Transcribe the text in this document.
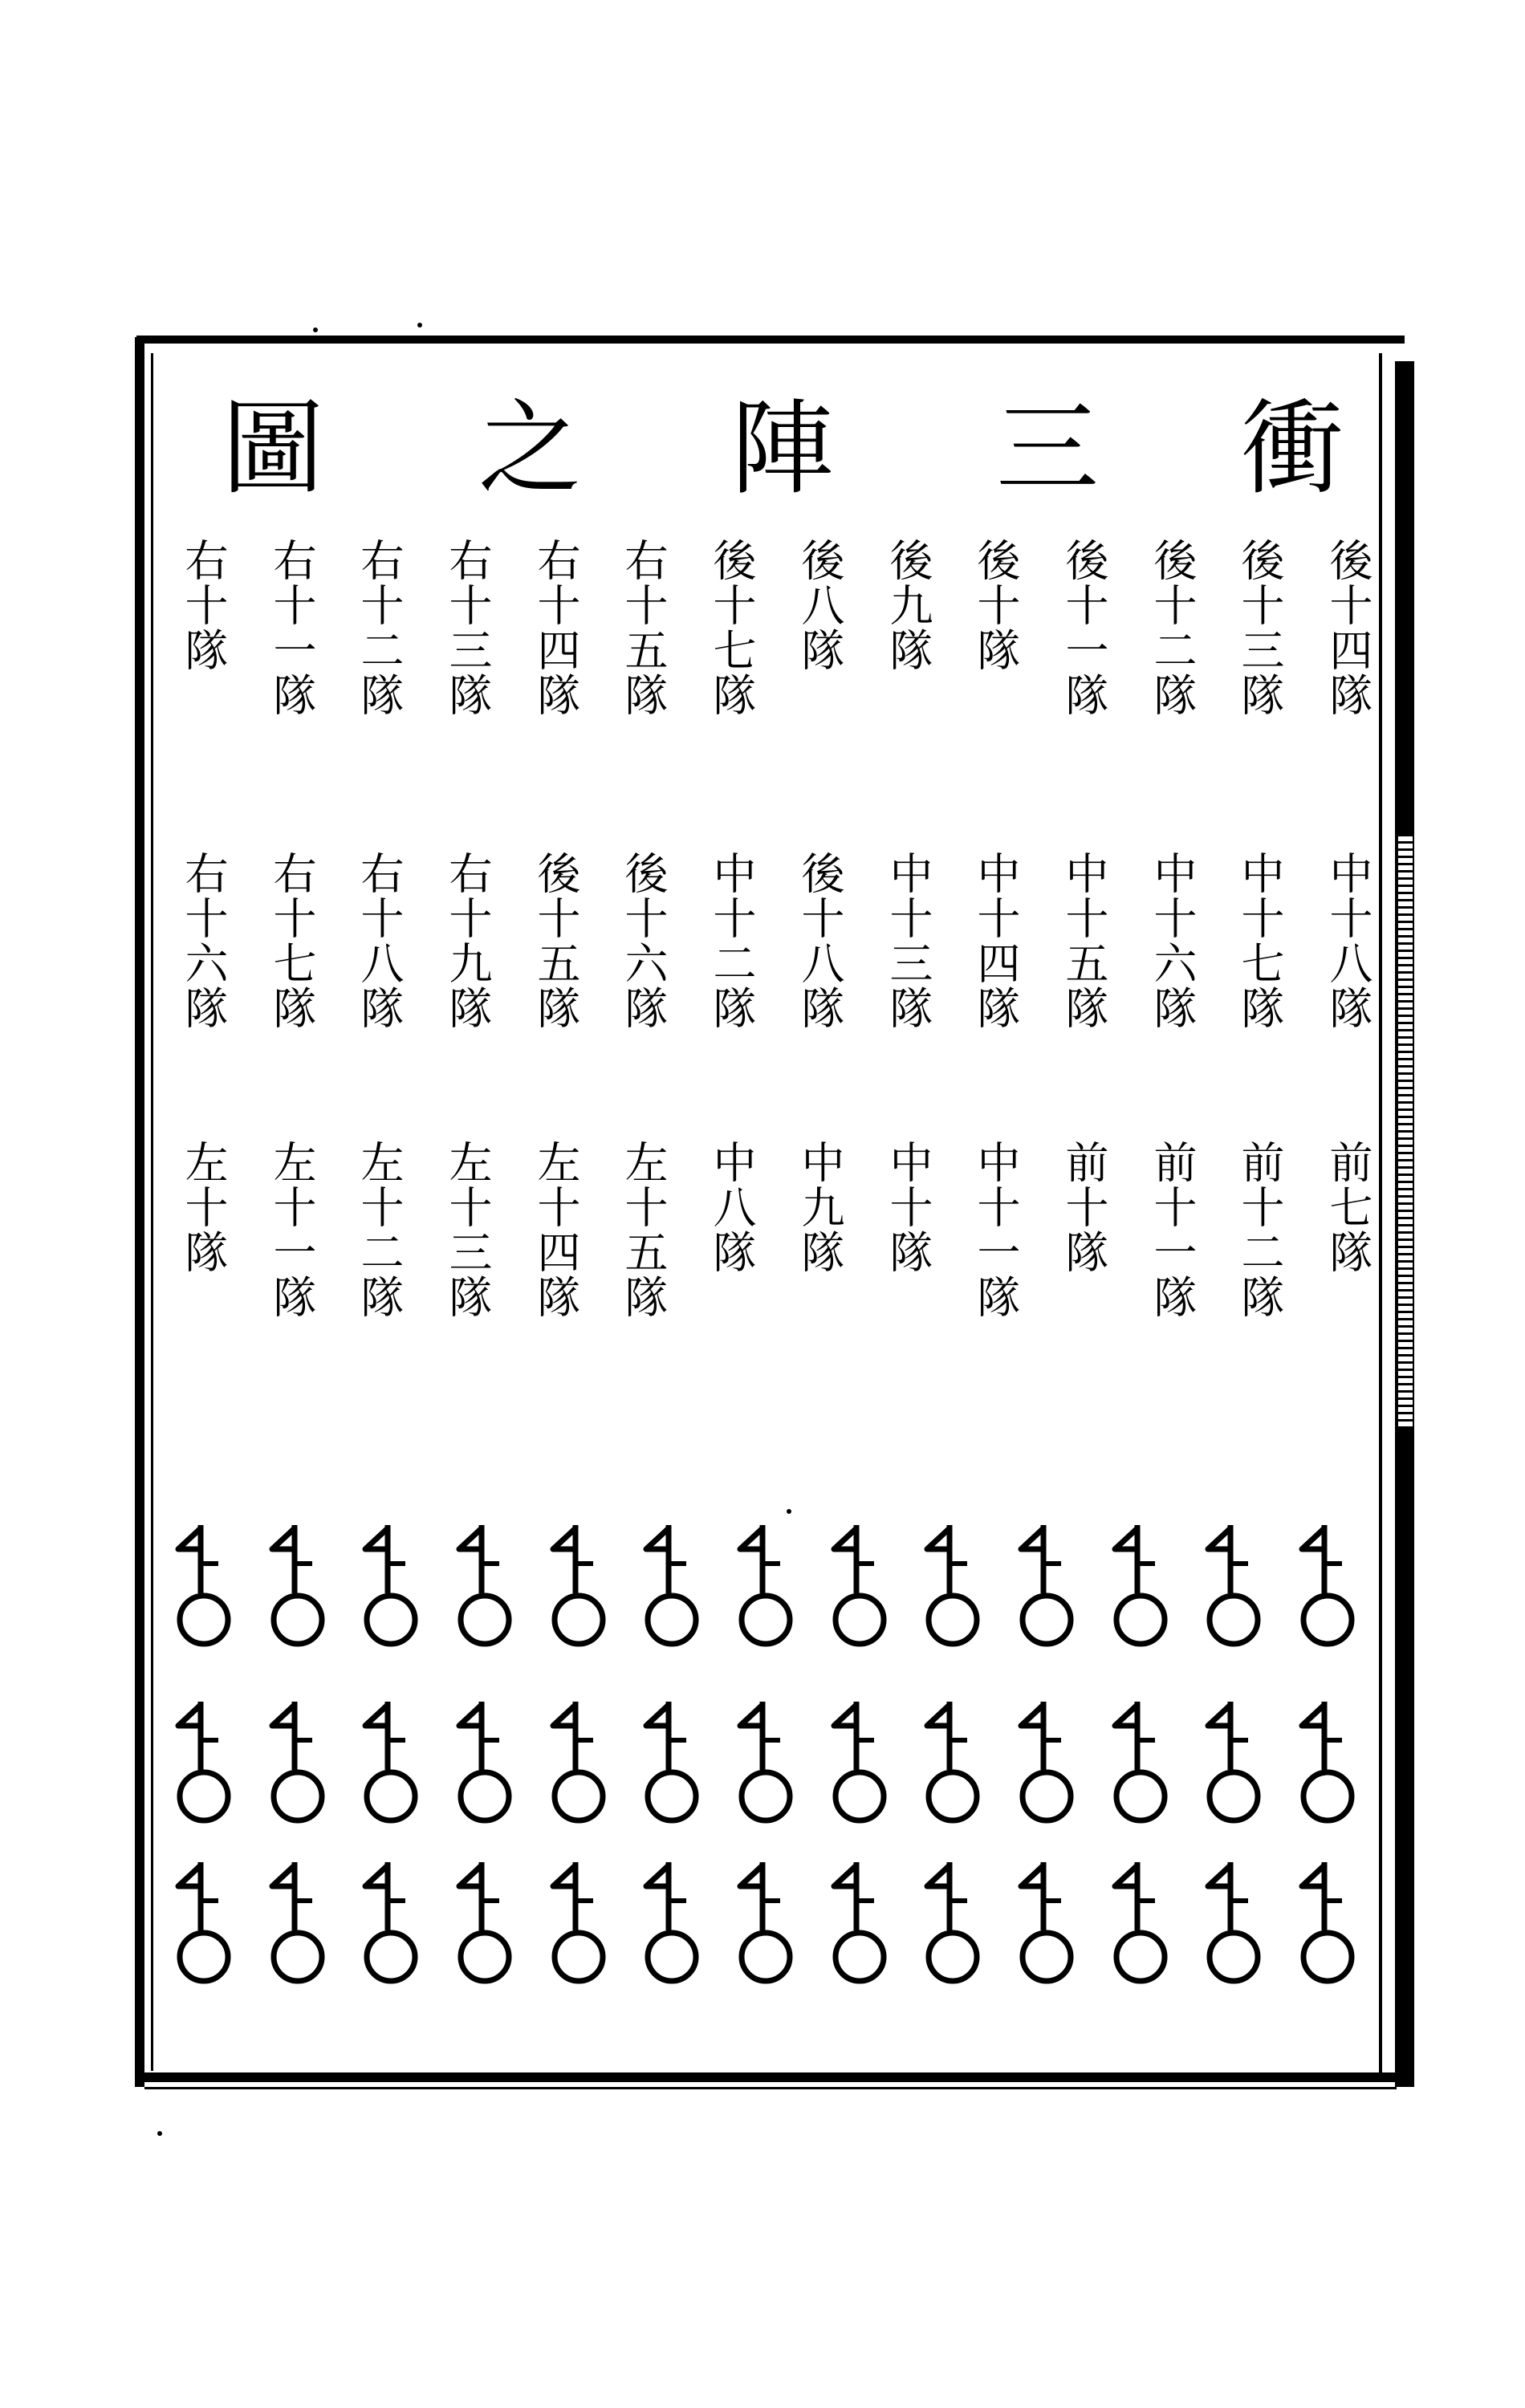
衝
三
陣
之
圖
後十四隊
後十三隊
後十二隊
後十一隊
後十隊
後九隊
後八隊
後十七隊
右十五隊
右十四隊
右十三隊
右十二隊
右十一隊
右十隊
中十八隊
中十七隊
中十六隊
中十五隊
中十四隊
中十三隊
後十八隊
中十二隊
後十六隊
後十五隊
右十九隊
右十八隊
右十七隊
右十六隊
前七隊
前十二隊
前十一隊
前十隊
中十一隊
中十隊
中九隊
中八隊
左十五隊
左十四隊
左十三隊
左十二隊
左十一隊
左十隊
